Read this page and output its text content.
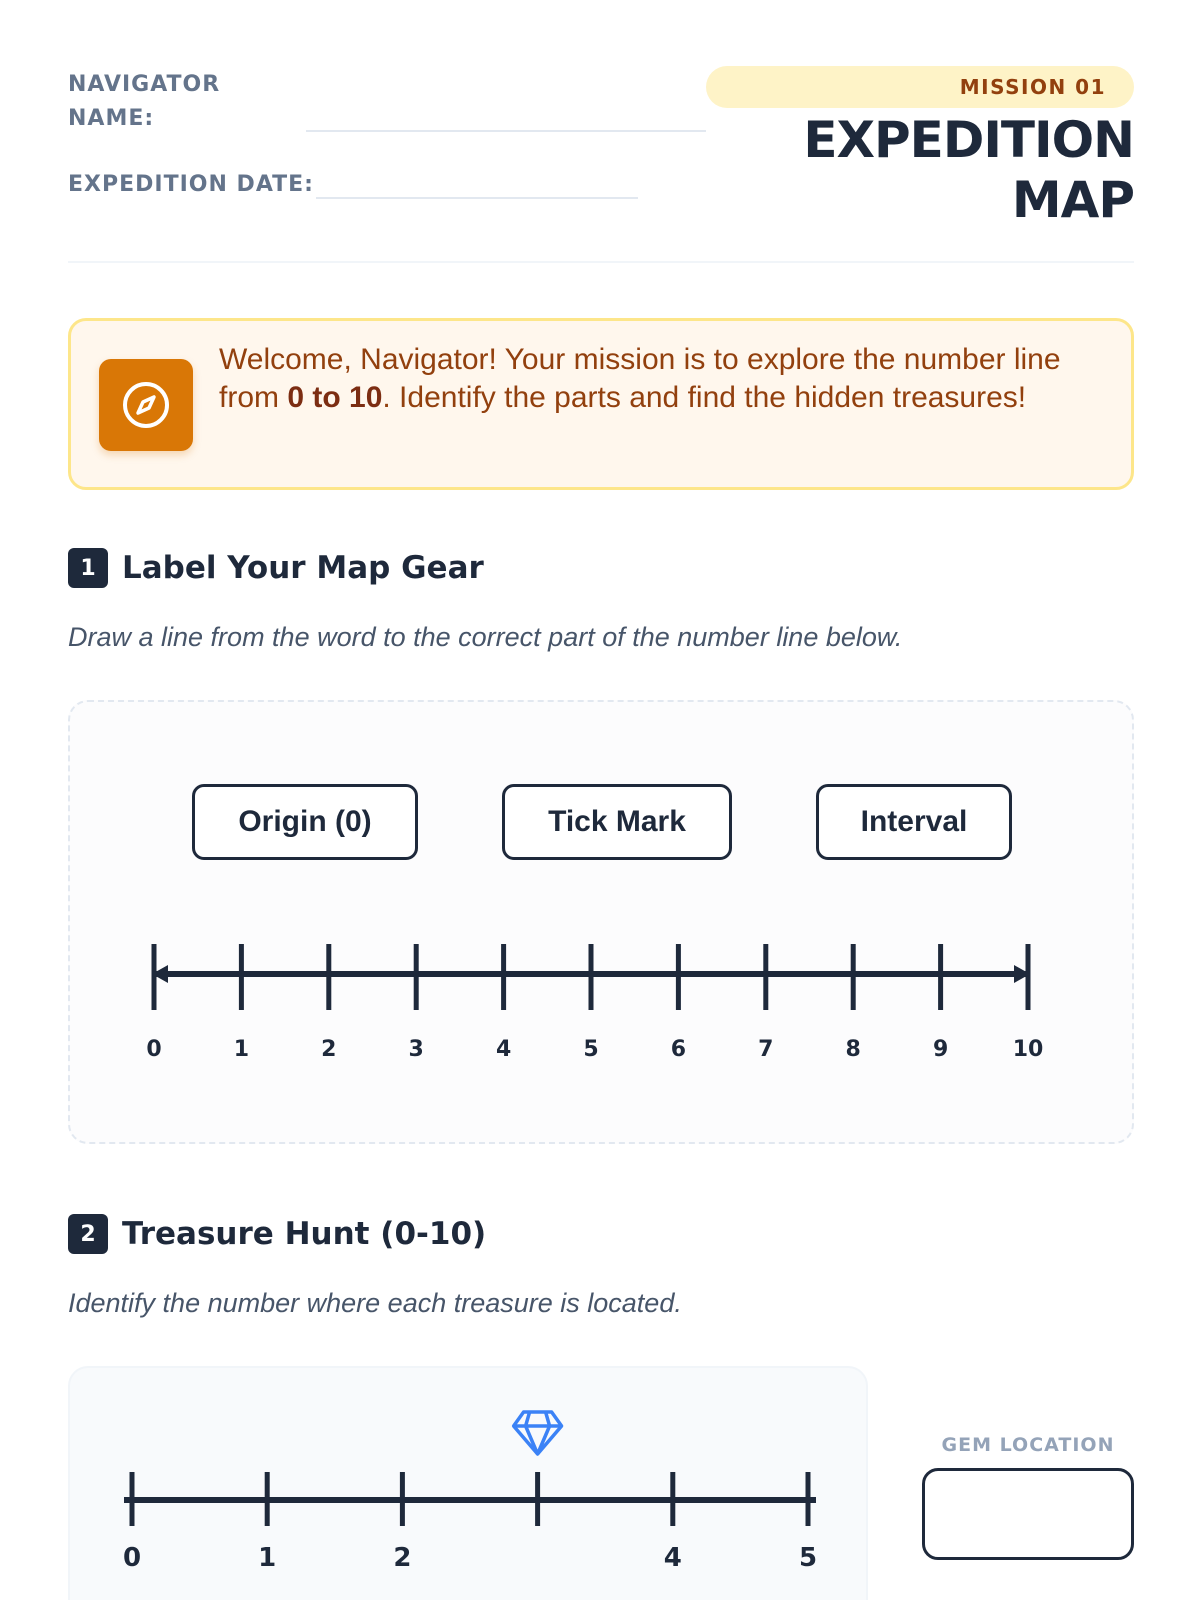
NAVIGATOR NAME:
EXPEDITION DATE:
MISSION 01
EXPEDITION
MAP
Welcome, Navigator! Your mission is to explore the number line from 0 to 10. Identify the parts and find the hidden treasures!
1 Label Your Map Gear
Draw a line from the word to the correct part of the number line below.
Origin (0)	Tick Mark	Interval
0	1	2	3	4	5	6	7	8	9	10
2 Treasure Hunt (0-10)
Identify the number where each treasure is located.
0	1	2	4	5
GEM LOCATION
